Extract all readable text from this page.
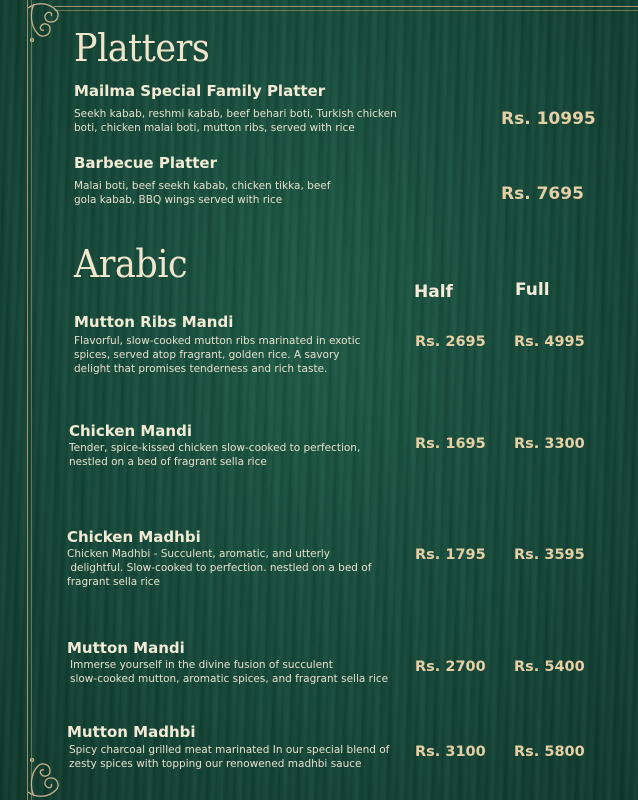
Platters
Mailma Special Family Platter

Seekh kabab, reshmi kabab, beef behari boti, Turkish chicken

boti, chicken malai boti, mutton ribs, served with rice	Rs. 10995

Barbecue Platter

Malai boti, beef seekh kabab, chicken tikka, beef

gola kabab, BBQ wings served with rice	Rs. 7695

Arabic

Half	Full

Mutton Ribs Mandi

Flavorful, slow-cooked mutton ribs marinated in exotic

spices, served atop fragrant, golden rice. A savory

delight that promises tenderness and rich taste.

Rs. 2695 Rs. 4995

Chicken Mandi

Tender, spice-kissed chicken slow-cooked to perfection,

nestled on a bed of fragrant sella rice

Rs. 1695 Rs. 3300

Chicken Madhbi

Chicken Madhbi - Succulent, aromatic, and utterly

delightful. Slow-cooked to perfection. nestled on a bed of

fragrant sella rice

Rs. 1795 Rs. 3595

Mutton Mandi

Immerse yourself in the divine fusion of succulent

slow-cooked mutton, aromatic spices, and fragrant sella rice

Rs. 2700 Rs. 5400

Mutton Madhbi

Spicy charcoal grilled meat marinated In our special blend of

zesty spices with topping our renowened madhbi sauce

Rs. 3100 Rs. 5800
